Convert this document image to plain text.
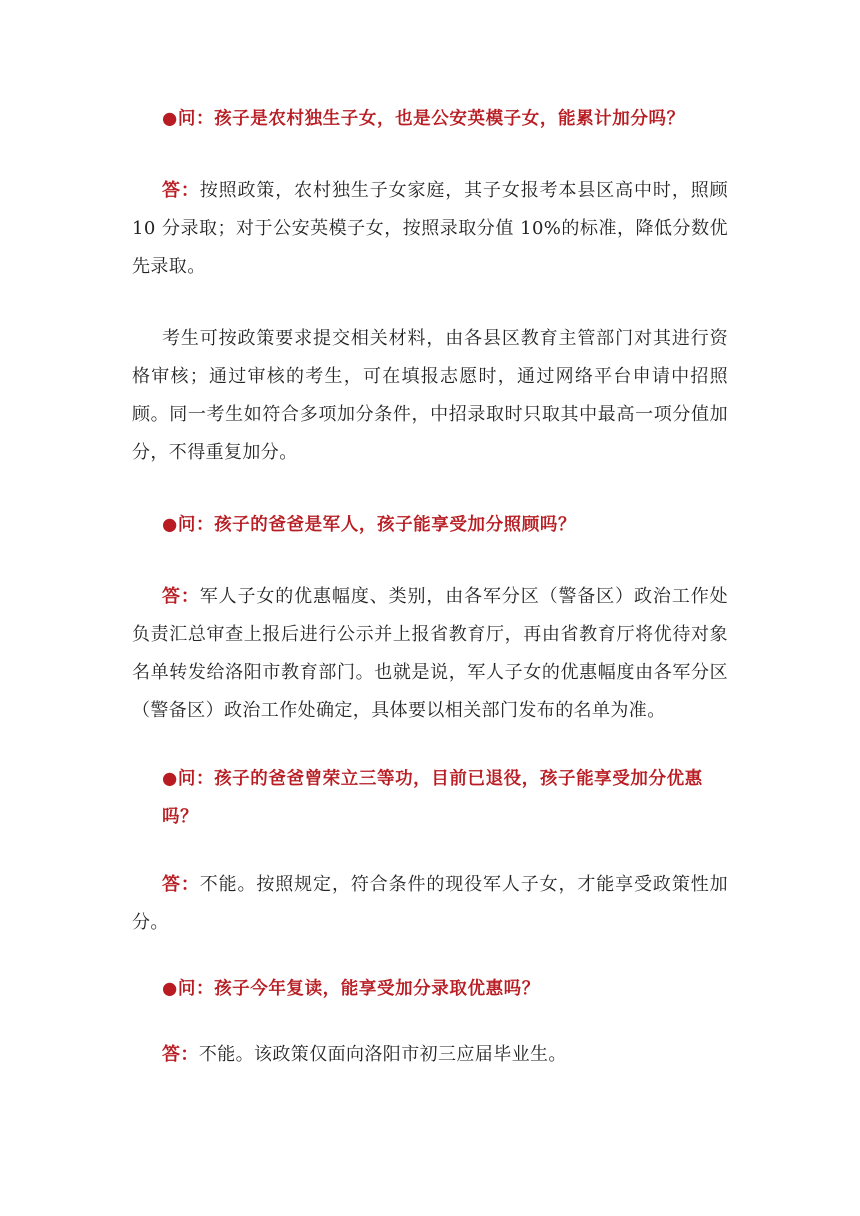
●问：孩子是农村独生子女，也是公安英模子女，能累计加分吗？

答：按照政策，农村独生子女家庭，其子女报考本县区高中时，照顾 10 分录取；对于公安英模子女，按照录取分值 10%的标准，降低分数优先录取。

考生可按政策要求提交相关材料，由各县区教育主管部门对其进行资格审核；通过审核的考生，可在填报志愿时，通过网络平台申请中招照顾。同一考生如符合多项加分条件，中招录取时只取其中最高一项分值加分，不得重复加分。

●问：孩子的爸爸是军人，孩子能享受加分照顾吗？

答：军人子女的优惠幅度、类别，由各军分区（警备区）政治工作处负责汇总审查上报后进行公示并上报省教育厅，再由省教育厅将优待对象名单转发给洛阳市教育部门。也就是说，军人子女的优惠幅度由各军分区（警备区）政治工作处确定，具体要以相关部门发布的名单为准。

●问：孩子的爸爸曾荣立三等功，目前已退役，孩子能享受加分优惠吗？

答：不能。按照规定，符合条件的现役军人子女，才能享受政策性加分。

●问：孩子今年复读，能享受加分录取优惠吗？

答：不能。该政策仅面向洛阳市初三应届毕业生。
